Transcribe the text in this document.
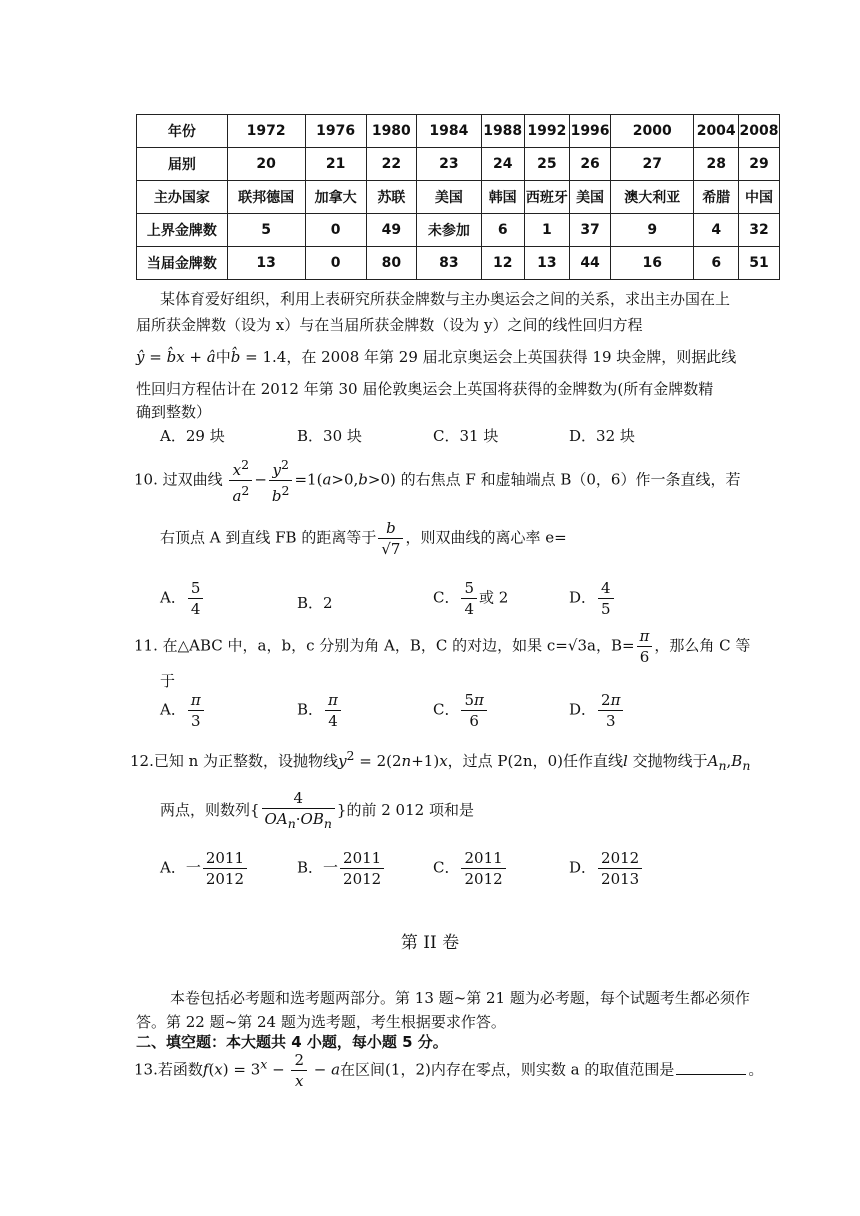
年份	1972	1976	1980	1984	1988	1992	1996	2000	2004	2008
届别	20	21	22	23	24	25	26	27	28	29
主办国家	联邦德国	加拿大	苏联	美国	韩国	西班牙	美国	澳大利亚	希腊	中国
上界金牌数	5	0	49	未参加	6	1	37	9	4	32
当届金牌数	13	0	80	83	12	13	44	16	6	51
某体育爱好组织，利用上表研究所获金牌数与主办奥运会之间的关系，求出主办国在上
届所获金牌数（设为 x）与在当届所获金牌数（设为 y）之间的线性回归方程
ŷ = b̂x + â中b̂ = 1.4，在 2008 年第 29 届北京奥运会上英国获得 19 块金牌，则据此线
性回归方程估计在 2012 年第 30 届伦敦奥运会上英国将获得的金牌数为(所有金牌数精
确到整数）
A．29 块	B．30 块	C．31 块	D．32 块
10. 过双曲线 $\frac{x^2}{a^2} - \frac{y^2}{b^2} =1(a>0,b>0)$ 的右焦点 F 和虚轴端点 B（0，6）作一条直线，若
右顶点 A 到直线 FB 的距离等于 $\frac{b}{√7}$ ，则双曲线的离心率 e=
A． $\frac{5}{4}$	B．2	C． $\frac{5}{4}$ 或 2	D． $\frac{4}{5}$
11. 在△ABC 中，a，b，c 分别为角 A，B，C 的对边，如果 c=√3a，$B= \frac{\pi}{6}$ ，那么角 C 等
于
A． $\frac{\pi}{3}$	B． $\frac{\pi}{4}$	C． $\frac{5\pi}{6}$	D． $\frac{2\pi}{3}$
12.已知 n 为正整数，设抛物线$y^2 = 2(2n+1)x$，过点 P(2n，0)任作直线l 交抛物线于$A_n,B_n$
两点，则数列{ $\frac{4}{OA_n\cdot OB_n}$ }的前 2 012 项和是
A．一 $\frac{2011}{2012}$	B．一 $\frac{2011}{2012}$	C． $\frac{2011}{2012}$	D． $\frac{2012}{2013}$
第 II 卷
本卷包括必考题和选考题两部分。第 13 题~第 21 题为必考题，每个试题考生都必须作
答。第 22 题~第 24 题为选考题，考生根据要求作答。
二、填空题：本大题共 4 小题，每小题 5 分。
13.若函数$f(x) = 3^x - \frac{2}{x} - a$在区间(1，2)内存在零点，则实数 a 的取值范围是	。
